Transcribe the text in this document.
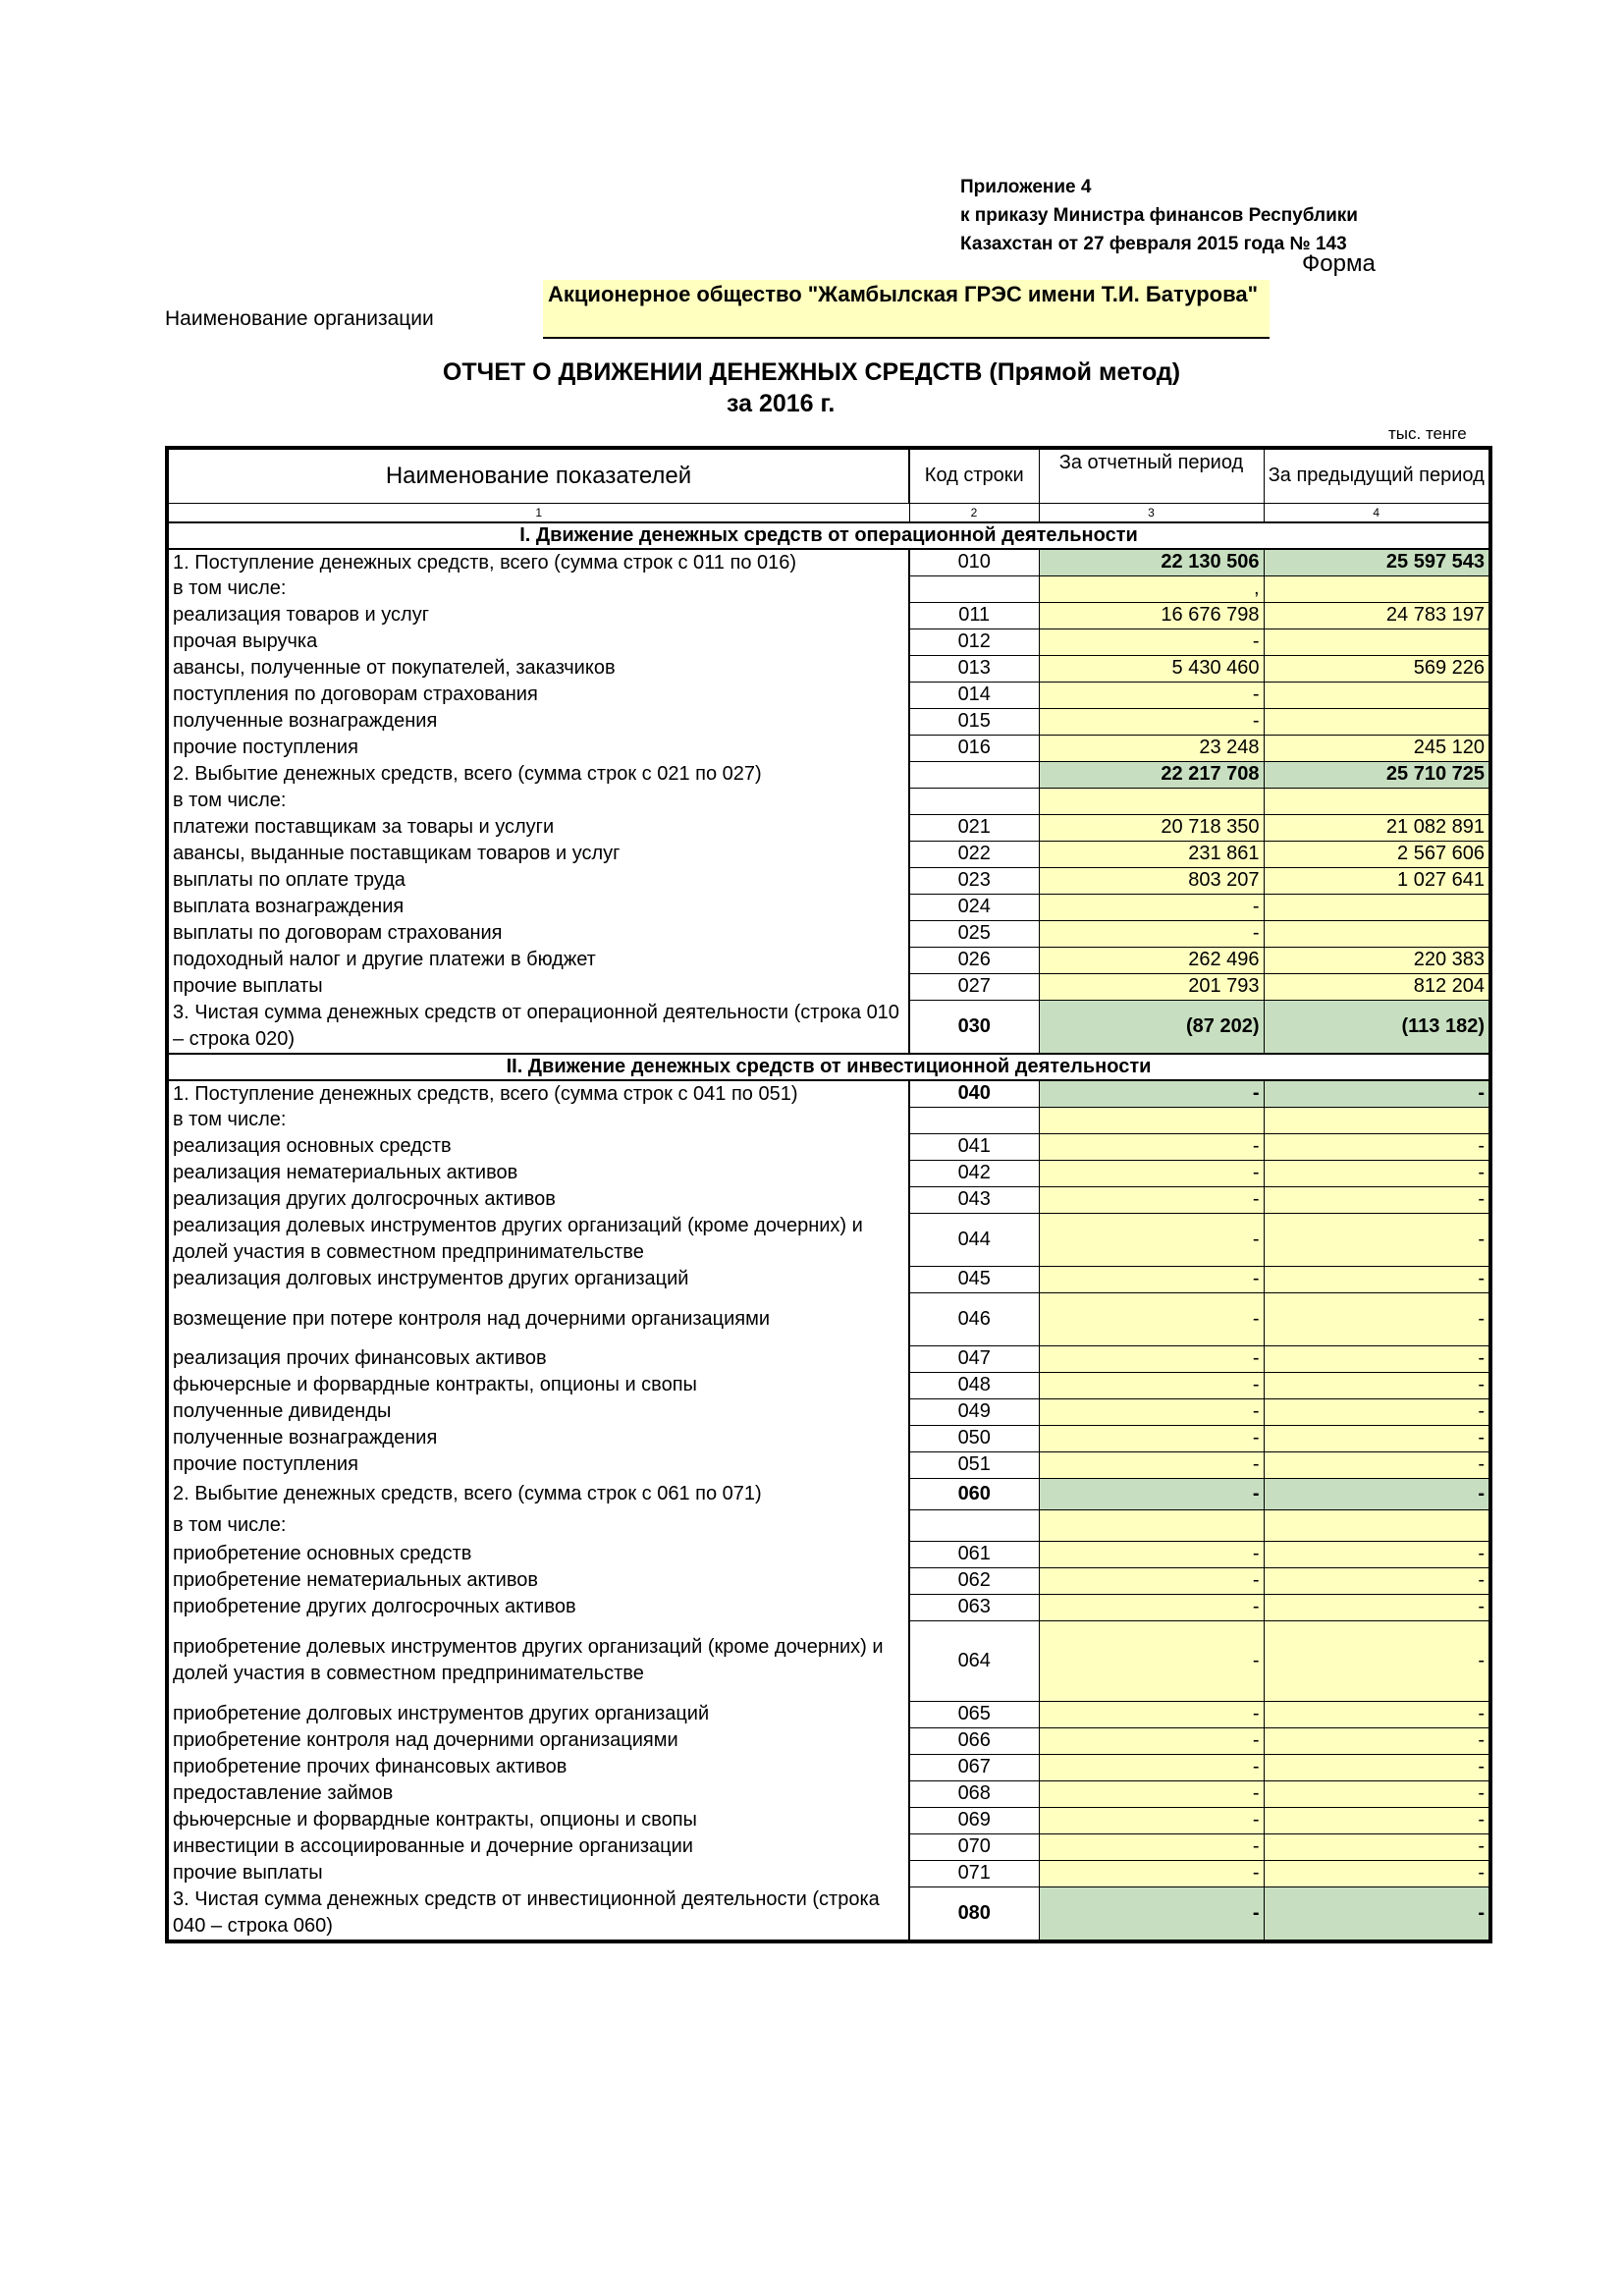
Приложение 4
к приказу Министра финансов Республики
Казахстан от 27 февраля 2015 года № 143
Форма
Наименование организации
Акционерное общество "Жамбылская ГРЭС имени Т.И. Батурова"
ОТЧЕТ О ДВИЖЕНИИ ДЕНЕЖНЫХ СРЕДСТВ (Прямой метод)
за 2016 г.
тыс. тенге
Наименование показателей	Код строки	За отчетный период	За предыдущий период
1	2	3	4
I. Движение денежных средств от операционной деятельности			
1. Поступление денежных средств, всего (сумма строк с 011 по 016)	010	22 130 506	25 597 543
в том числе:		,	
реализация товаров и услуг	011	16 676 798	24 783 197
прочая выручка	012	-	
авансы, полученные от покупателей, заказчиков	013	5 430 460	569 226
поступления по договорам страхования	014	-	
полученные вознаграждения	015	-	
прочие поступления	016	23 248	245 120
2. Выбытие денежных средств, всего (сумма строк с 021 по 027)		22 217 708	25 710 725
в том числе:			
платежи поставщикам за товары и услуги	021	20 718 350	21 082 891
авансы, выданные поставщикам товаров и услуг	022	231 861	2 567 606
выплаты по оплате труда	023	803 207	1 027 641
выплата вознаграждения	024	-	
выплаты по договорам страхования	025	-	
подоходный налог и другие платежи в бюджет	026	262 496	220 383
прочие выплаты	027	201 793	812 204
3. Чистая сумма денежных средств от операционной деятельности (строка 010 – строка 020)	030	(87 202)	(113 182)
II. Движение денежных средств от инвестиционной деятельности			
1. Поступление денежных средств, всего (сумма строк с 041 по 051)	040	-	-
в том числе:			
реализация основных средств	041	-	-
реализация нематериальных активов	042	-	-
реализация других долгосрочных активов	043	-	-
реализация долевых инструментов других организаций (кроме дочерних) и долей участия в совместном предпринимательстве	044	-	-
реализация долговых инструментов других организаций	045	-	-
возмещение при потере контроля над дочерними организациями	046	-	-
реализация прочих финансовых активов	047	-	-
фьючерсные и форвардные контракты, опционы и свопы	048	-	-
полученные дивиденды	049	-	-
полученные вознаграждения	050	-	-
прочие поступления	051	-	-
2. Выбытие денежных средств, всего (сумма строк с 061 по 071)	060	-	-
в том числе:			
приобретение основных средств	061	-	-
приобретение нематериальных активов	062	-	-
приобретение других долгосрочных активов	063	-	-
приобретение долевых инструментов других организаций (кроме дочерних) и долей участия в совместном предпринимательстве	064	-	-
приобретение долговых инструментов других организаций	065	-	-
приобретение контроля над дочерними организациями	066	-	-
приобретение прочих финансовых активов	067	-	-
предоставление займов	068	-	-
фьючерсные и форвардные контракты, опционы и свопы	069	-	-
инвестиции в ассоциированные и дочерние организации	070	-	-
прочие выплаты	071	-	-
3. Чистая сумма денежных средств от инвестиционной деятельности (строка 040 – строка 060)	080	-	-
